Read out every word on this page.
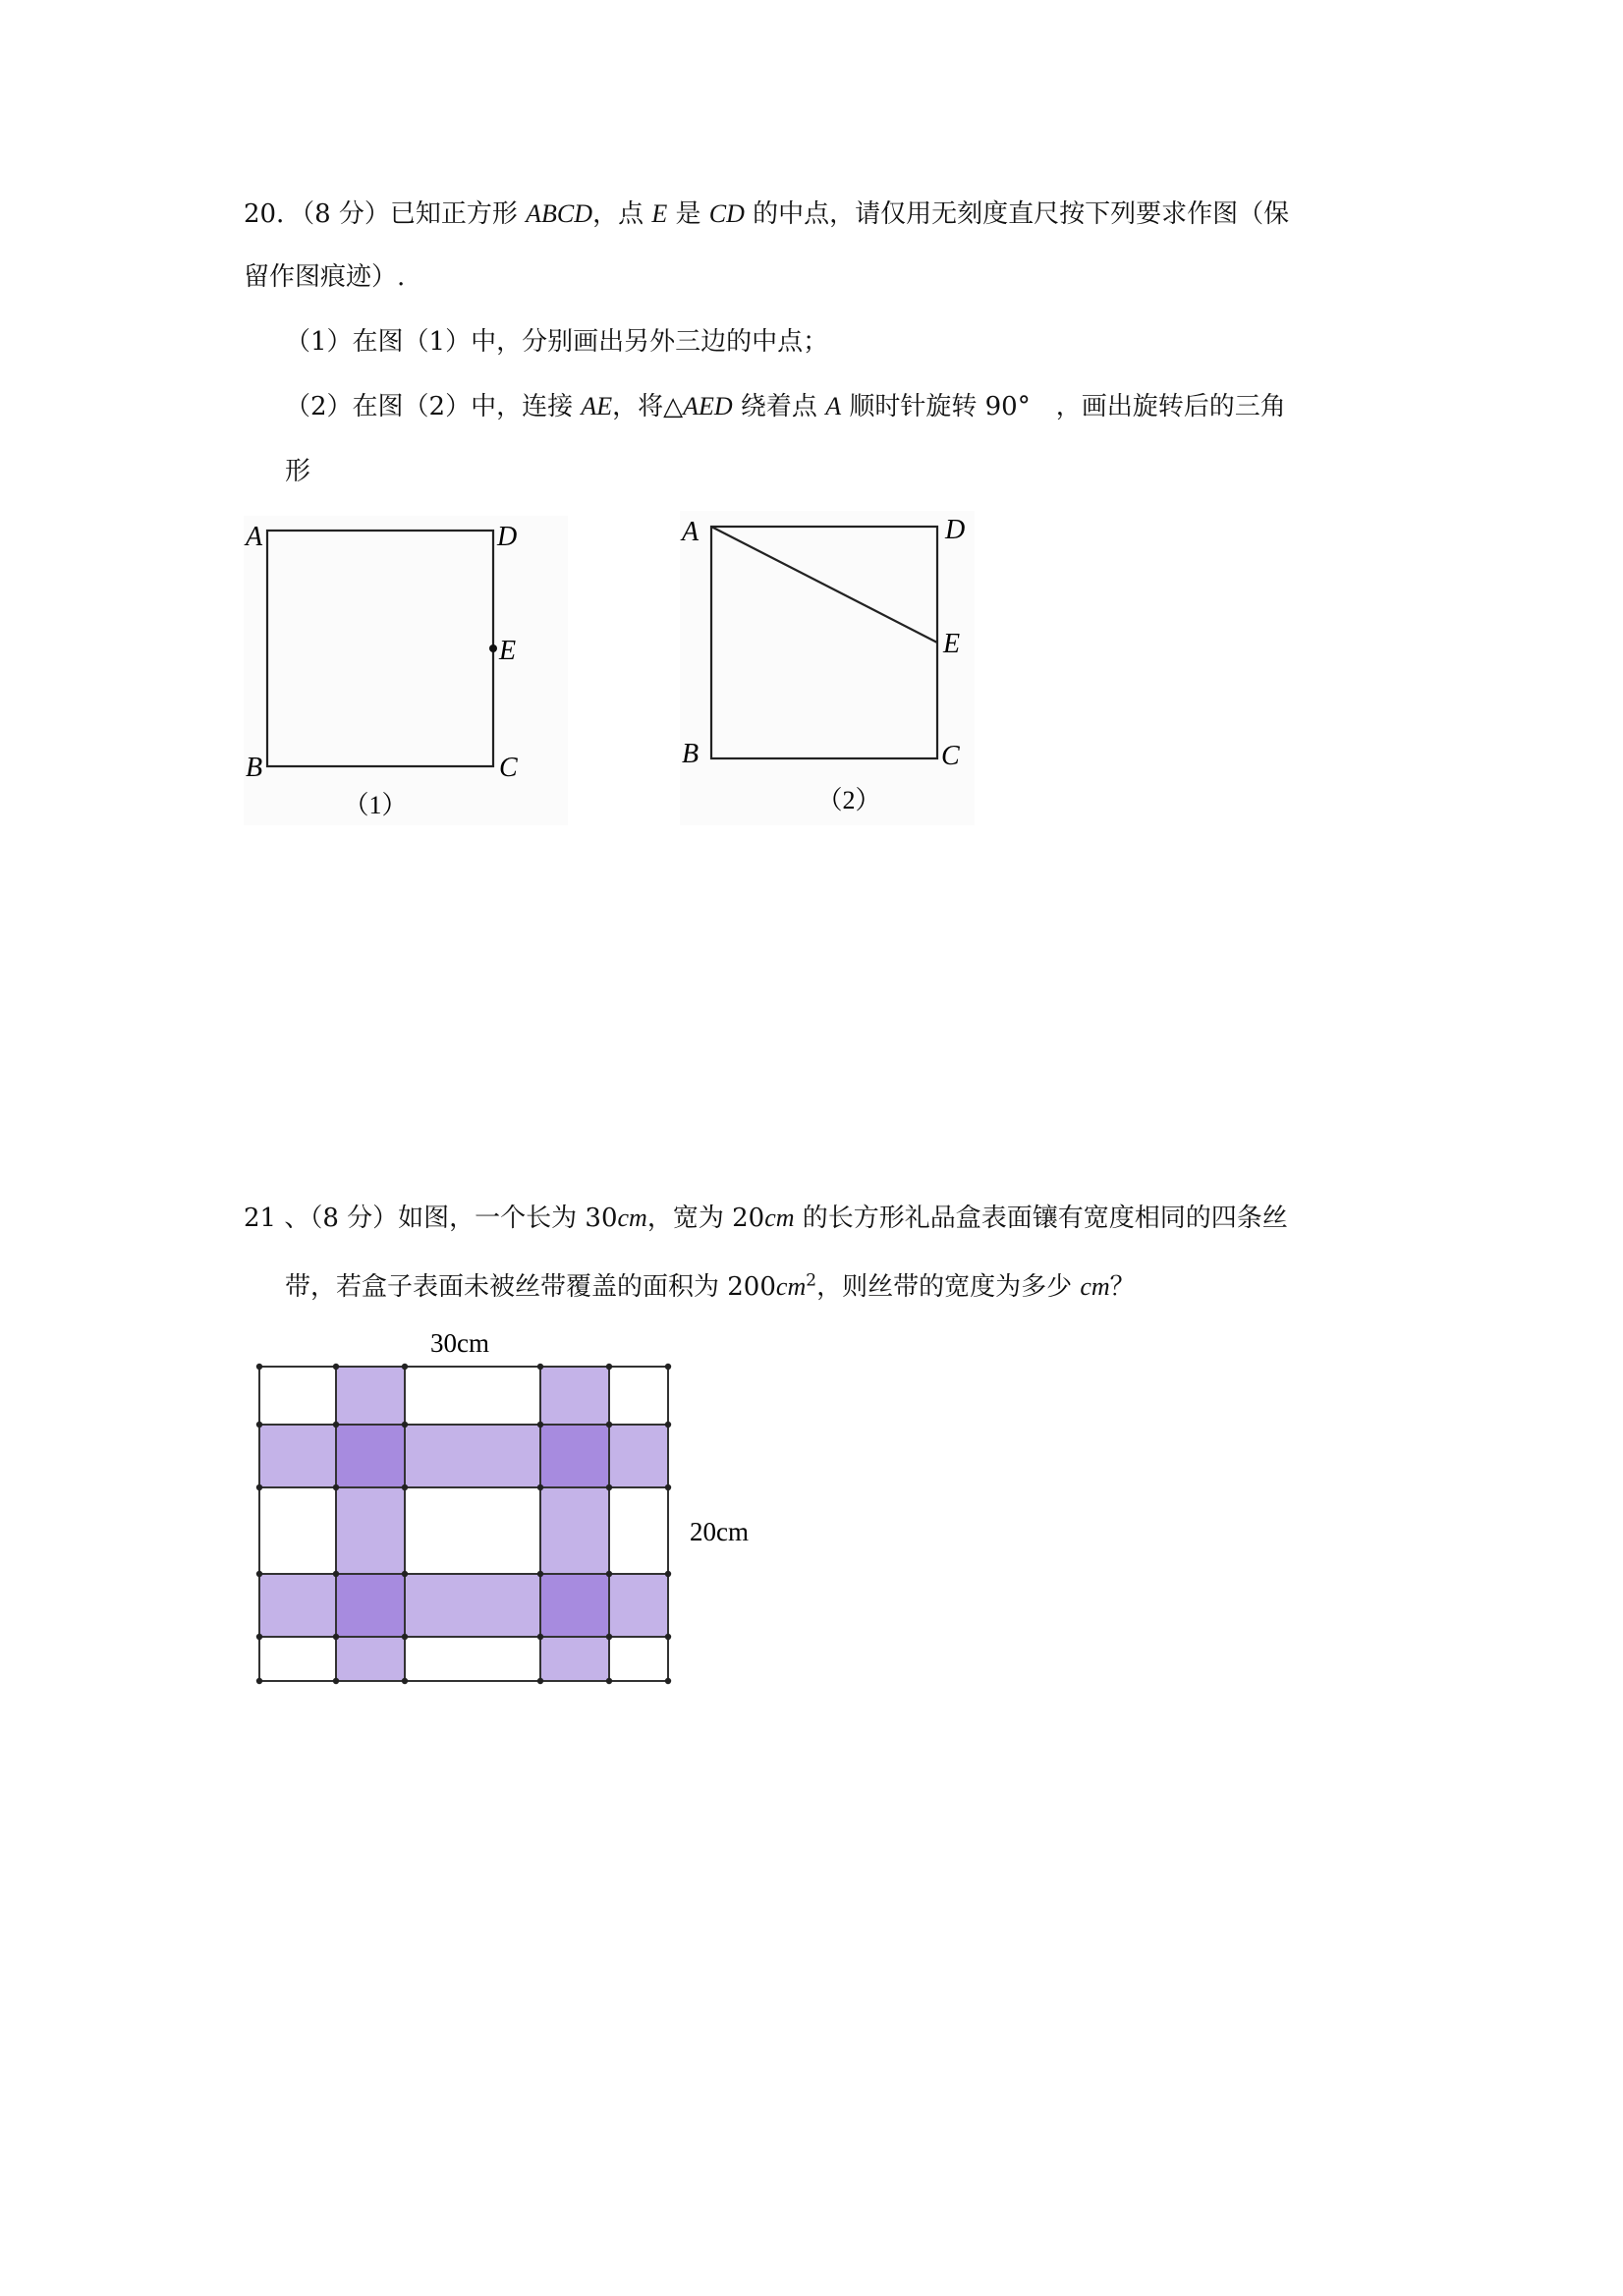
20．（8 分）已知正方形 ABCD，点 E 是 CD 的中点，请仅用无刻度直尺按下列要求作图（保
留作图痕迹）.
（1）在图（1）中，分别画出另外三边的中点；
（2）在图（2）中，连接 AE，将△AED 绕着点 A 顺时针旋转 90°　，画出旋转后的三角
形
A	D
E
B	C
（1）
A	D
E
B	C
（2）
21 、（8 分）如图，一个长为 30cm，宽为 20cm 的长方形礼品盒表面镶有宽度相同的四条丝
带，若盒子表面未被丝带覆盖的面积为 $200cm^2$，则丝带的宽度为多少 cm？
30cm
20cm
